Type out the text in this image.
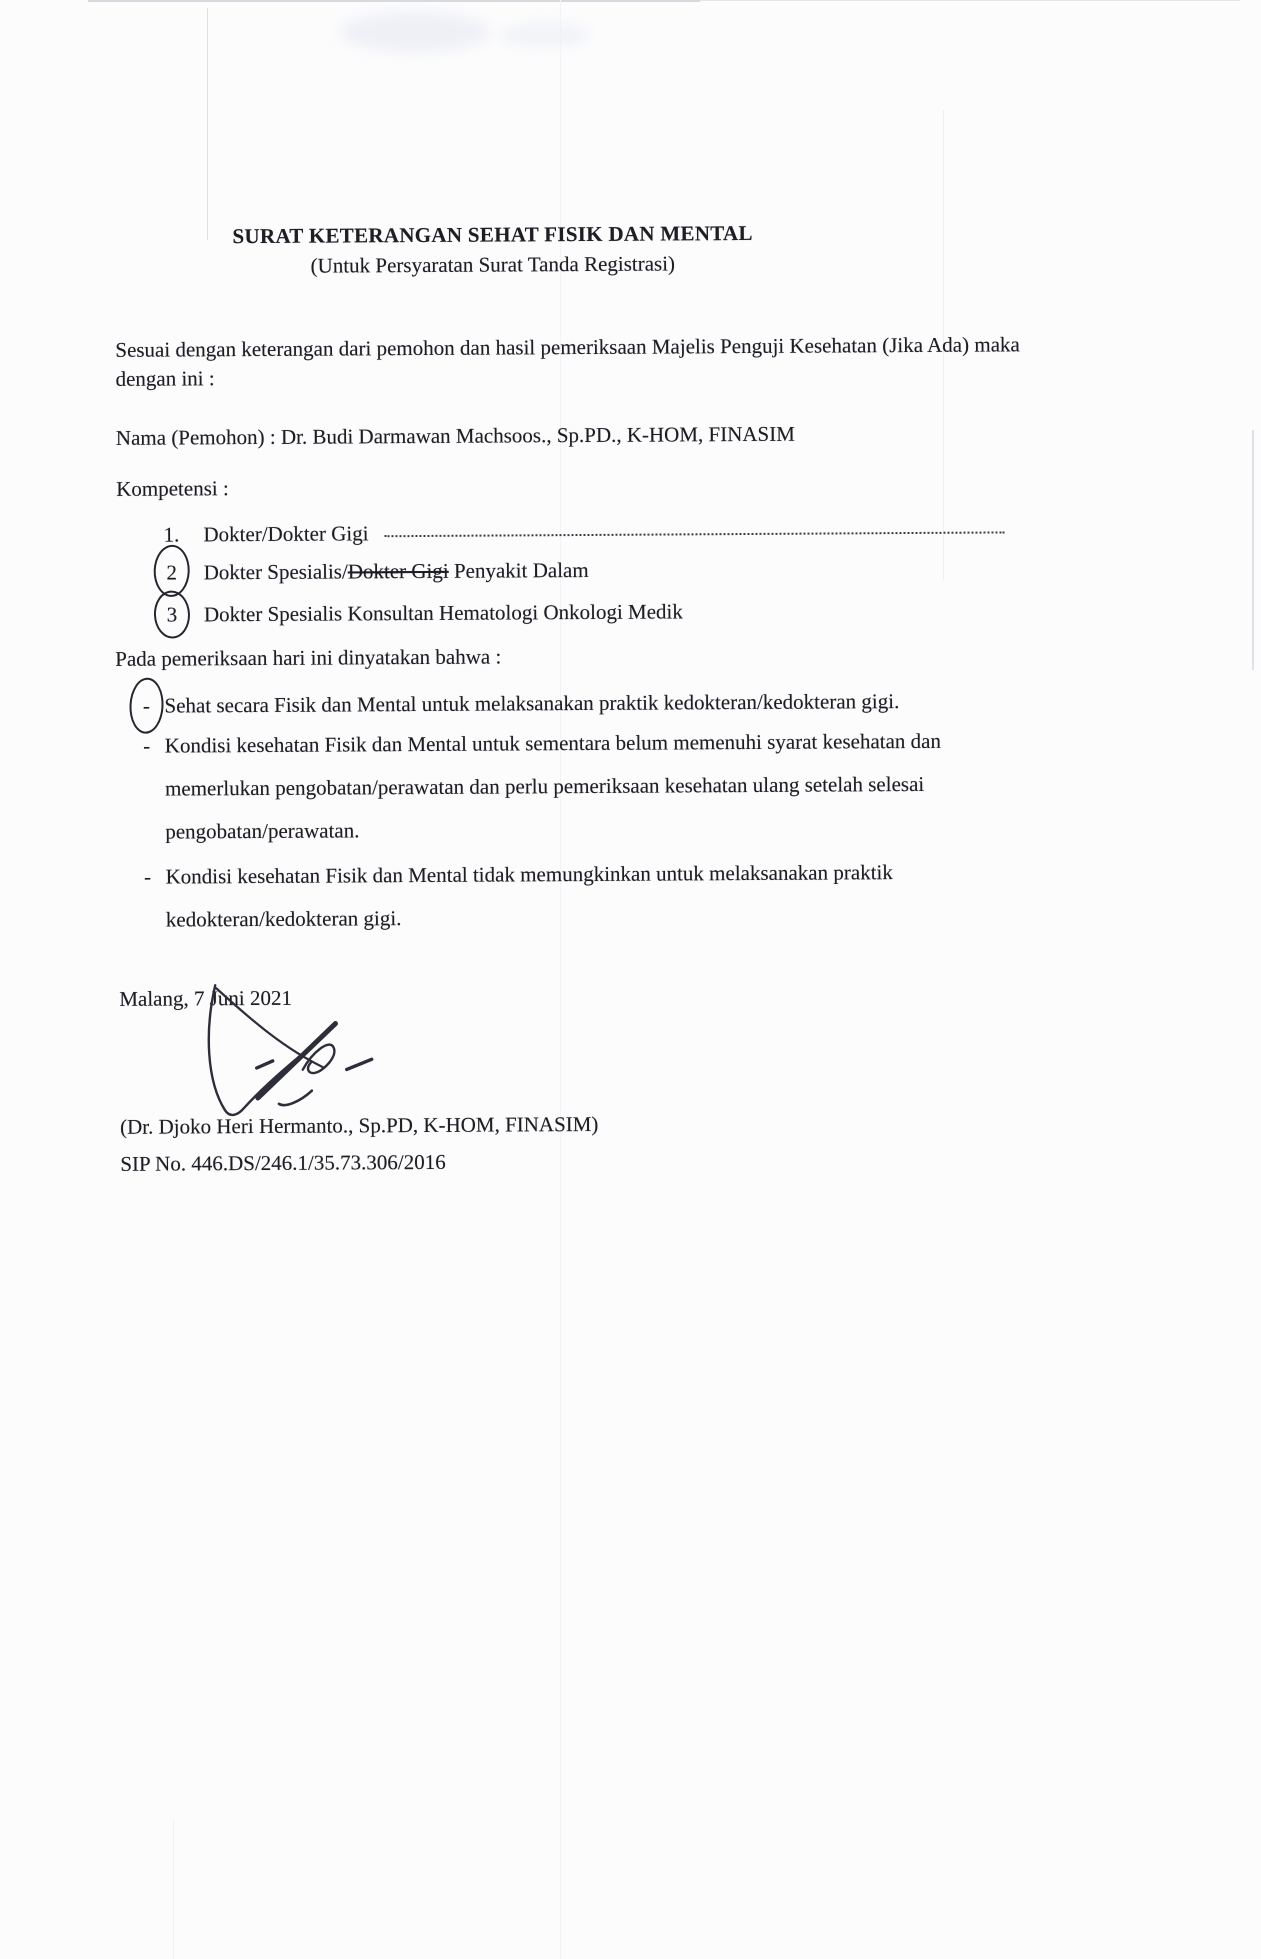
SURAT KETERANGAN SEHAT FISIK DAN MENTAL
(Untuk Persyaratan Surat Tanda Registrasi)
Sesuai dengan keterangan dari pemohon dan hasil pemeriksaan Majelis Penguji Kesehatan (Jika Ada) maka dengan ini :
Nama (Pemohon) : Dr. Budi Darmawan Machsoos., Sp.PD., K-HOM, FINASIM
Kompetensi :
1.	Dokter/Dokter Gigi
2	Dokter Spesialis/Dokter Gigi Penyakit Dalam
3	Dokter Spesialis Konsultan Hematologi Onkologi Medik
Pada pemeriksaan hari ini dinyatakan bahwa :
- Sehat secara Fisik dan Mental untuk melaksanakan praktik kedokteran/kedokteran gigi.
- Kondisi kesehatan Fisik dan Mental untuk sementara belum memenuhi syarat kesehatan dan memerlukan pengobatan/perawatan dan perlu pemeriksaan kesehatan ulang setelah selesai pengobatan/perawatan.
- Kondisi kesehatan Fisik dan Mental tidak memungkinkan untuk melaksanakan praktik kedokteran/kedokteran gigi.
Malang, 7 Juni 2021
(Dr. Djoko Heri Hermanto., Sp.PD, K-HOM, FINASIM)
SIP No. 446.DS/246.1/35.73.306/2016
